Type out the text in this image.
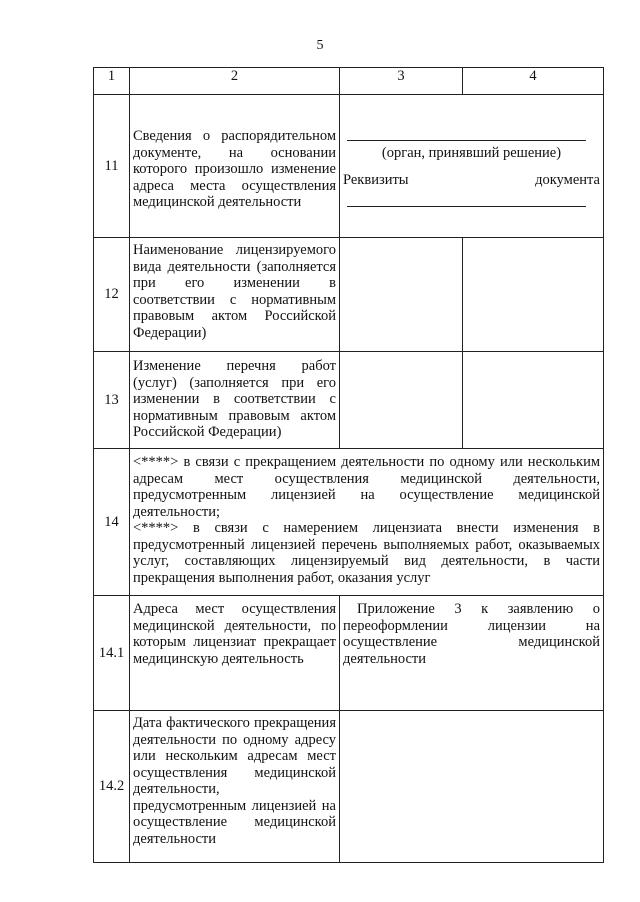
5
1	2	3	4
11	Сведения о распорядительном документе, на основании которого произошло изменение адреса места осуществления медицинской деятельности	(орган, принявший решение)
Реквизиты документа	

12	Наименование лицензируемого вида деятельности (заполняется при его изменении в соответствии с нормативным правовым актом Российской Федерации)		
13	Изменение перечня работ (услуг) (заполняется при его изменении в соответствии с нормативным правовым актом Российской Федерации)		
14	<****> в связи с прекращением деятельности по одному или нескольким адресам мест осуществления медицинской деятельности, предусмотренным лицензией на осуществление медицинской деятельности;
<****> в связи с намерением лицензиата внести изменения в предусмотренный лицензией перечень выполняемых работ, оказываемых услуг, составляющих лицензируемый вид деятельности, в части прекращения выполнения работ, оказания услуг		

14.1	Адреса мест осуществления медицинской деятельности, по которым лицензиат прекращает медицинскую деятельность	Приложение 3 к заявлению о переоформлении лицензии на осуществление медицинской деятельности	
14.2	Дата фактического прекращения деятельности по одному адресу или нескольким адресам мест осуществления медицинской деятельности, предусмотренным лицензией на осуществление медицинской деятельности		
